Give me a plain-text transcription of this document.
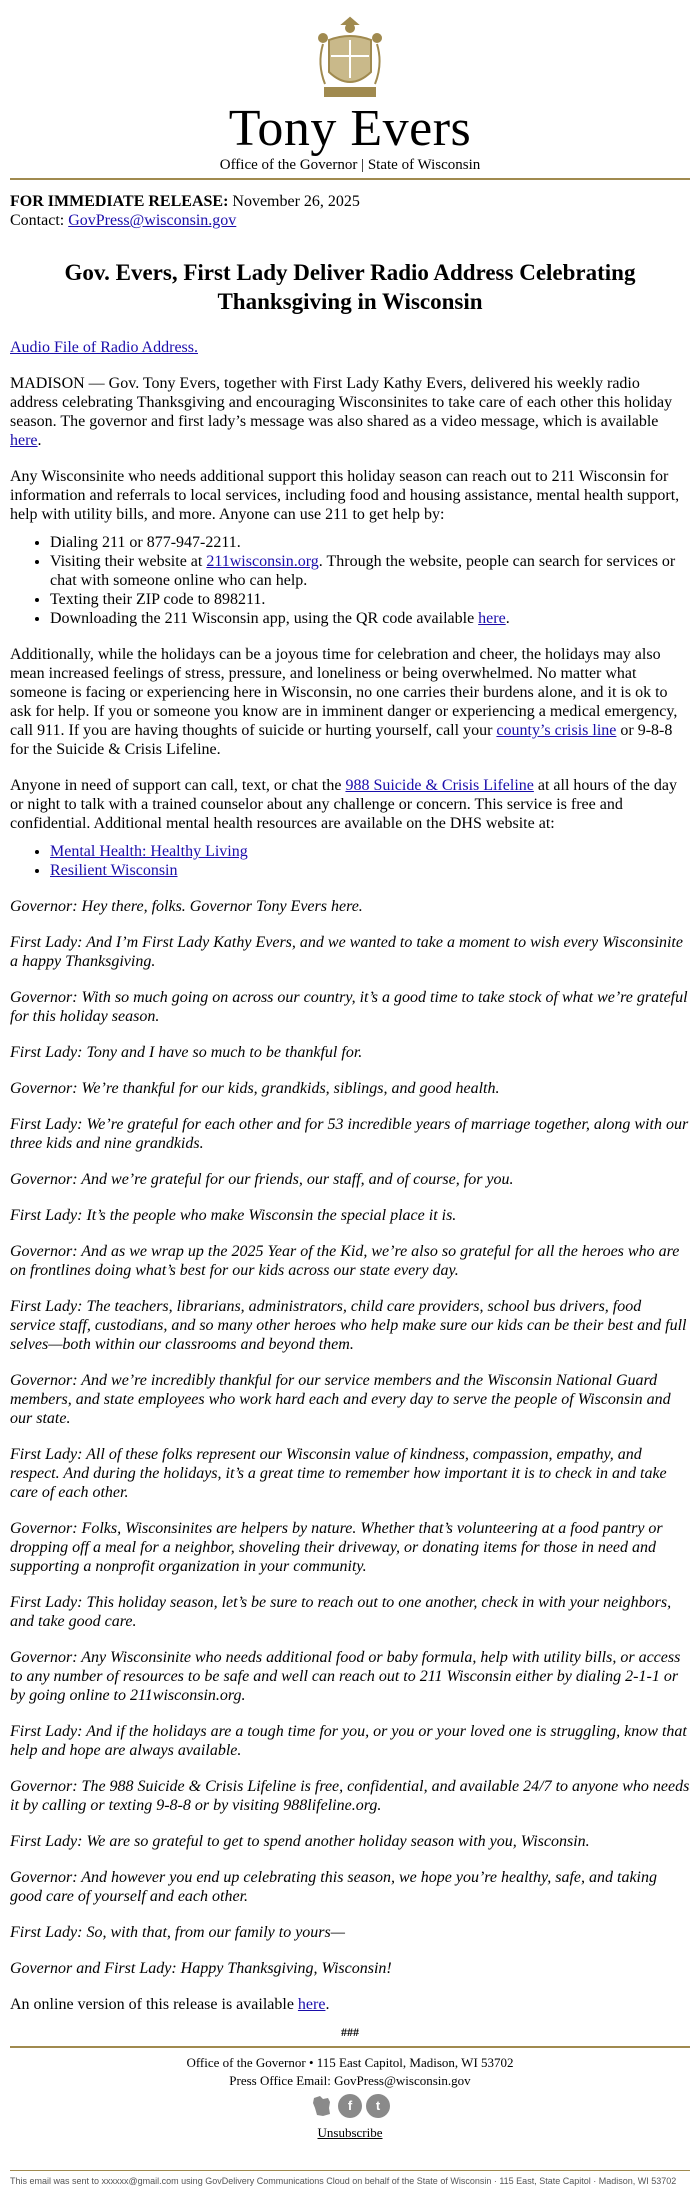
Tony Evers
Office of the Governor | State of Wisconsin
FOR IMMEDIATE RELEASE: November 26, 2025
Contact: GovPress@wisconsin.gov
Gov. Evers, First Lady Deliver Radio Address Celebrating Thanksgiving in Wisconsin

Audio File of Radio Address.

MADISON — Gov. Tony Evers, together with First Lady Kathy Evers, delivered his weekly radio address celebrating Thanksgiving and encouraging Wisconsinites to take care of each other this holiday season. The governor and first lady’s message was also shared as a video message, which is available here.

Any Wisconsinite who needs additional support this holiday season can reach out to 211 Wisconsin for information and referrals to local services, including food and housing assistance, mental health support, help with utility bills, and more. Anyone can use 211 to get help by:

• Dialing 211 or 877-947-2211.
• Visiting their website at 211wisconsin.org. Through the website, people can search for services or chat with someone online who can help.
• Texting their ZIP code to 898211.
• Downloading the 211 Wisconsin app, using the QR code available here.

Additionally, while the holidays can be a joyous time for celebration and cheer, the holidays may also mean increased feelings of stress, pressure, and loneliness or being overwhelmed. No matter what someone is facing or experiencing here in Wisconsin, no one carries their burdens alone, and it is ok to ask for help. If you or someone you know are in imminent danger or experiencing a medical emergency, call 911. If you are having thoughts of suicide or hurting yourself, call your county’s crisis line or 9-8-8 for the Suicide & Crisis Lifeline.

Anyone in need of support can call, text, or chat the 988 Suicide & Crisis Lifeline at all hours of the day or night to talk with a trained counselor about any challenge or concern. This service is free and confidential. Additional mental health resources are available on the DHS website at:

• Mental Health: Healthy Living
• Resilient Wisconsin

Governor: Hey there, folks. Governor Tony Evers here.

First Lady: And I’m First Lady Kathy Evers, and we wanted to take a moment to wish every Wisconsinite a happy Thanksgiving.

Governor: With so much going on across our country, it’s a good time to take stock of what we’re grateful for this holiday season.

First Lady: Tony and I have so much to be thankful for.

Governor: We’re thankful for our kids, grandkids, siblings, and good health.

First Lady: We’re grateful for each other and for 53 incredible years of marriage together, along with our three kids and nine grandkids.

Governor: And we’re grateful for our friends, our staff, and of course, for you.

First Lady: It’s the people who make Wisconsin the special place it is.

Governor: And as we wrap up the 2025 Year of the Kid, we’re also so grateful for all the heroes who are on frontlines doing what’s best for our kids across our state every day.

First Lady: The teachers, librarians, administrators, child care providers, school bus drivers, food service staff, custodians, and so many other heroes who help make sure our kids can be their best and full selves—both within our classrooms and beyond them.

Governor: And we’re incredibly thankful for our service members and the Wisconsin National Guard members, and state employees who work hard each and every day to serve the people of Wisconsin and our state.

First Lady: All of these folks represent our Wisconsin value of kindness, compassion, empathy, and respect. And during the holidays, it’s a great time to remember how important it is to check in and take care of each other.

Governor: Folks, Wisconsinites are helpers by nature. Whether that’s volunteering at a food pantry or dropping off a meal for a neighbor, shoveling their driveway, or donating items for those in need and supporting a nonprofit organization in your community.

First Lady: This holiday season, let’s be sure to reach out to one another, check in with your neighbors, and take good care.

Governor: Any Wisconsinite who needs additional food or baby formula, help with utility bills, or access to any number of resources to be safe and well can reach out to 211 Wisconsin either by dialing 2-1-1 or by going online to 211wisconsin.org.

First Lady: And if the holidays are a tough time for you, or you or your loved one is struggling, know that help and hope are always available.

Governor: The 988 Suicide & Crisis Lifeline is free, confidential, and available 24/7 to anyone who needs it by calling or texting 9-8-8 or by visiting 988lifeline.org.

First Lady: We are so grateful to get to spend another holiday season with you, Wisconsin.

Governor: And however you end up celebrating this season, we hope you’re healthy, safe, and taking good care of yourself and each other.

First Lady: So, with that, from our family to yours—

Governor and First Lady: Happy Thanksgiving, Wisconsin!

An online version of this release is available here.

###
Office of the Governor • 115 East Capitol, Madison, WI 53702
Press Office Email: GovPress@wisconsin.gov
f	t
Unsubscribe
This email was sent to xxxxxx@gmail.com using GovDelivery Communications Cloud on behalf of the State of Wisconsin · 115 East, State Capitol · Madison, WI 53702
